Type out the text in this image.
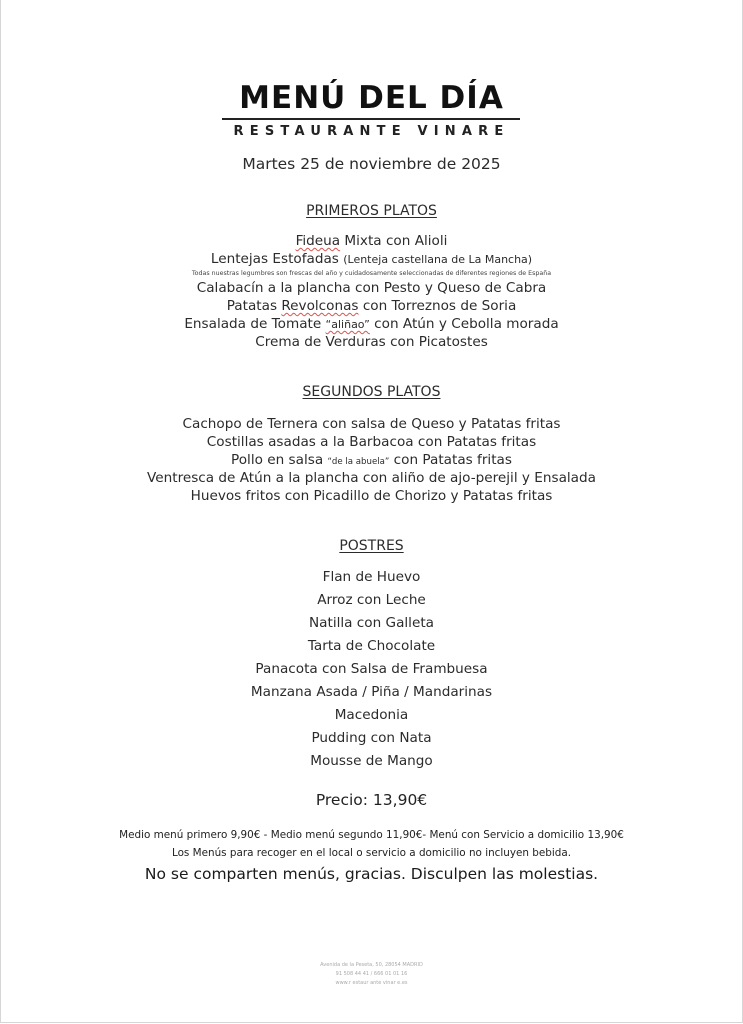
MENÚ DEL DÍA
RESTAURANTE VINARE
Martes 25 de noviembre de 2025
PRIMEROS PLATOS
Fideua Mixta con Alioli
Lentejas Estofadas (Lenteja castellana de La Mancha)
Todas nuestras legumbres son frescas del año y cuidadosamente seleccionadas de diferentes regiones de España
Calabacín a la plancha con Pesto y Queso de Cabra
Patatas Revolconas con Torreznos de Soria
Ensalada de Tomate “aliñao” con Atún y Cebolla morada
Crema de Verduras con Picatostes
SEGUNDOS PLATOS
Cachopo de Ternera con salsa de Queso y Patatas fritas
Costillas asadas a la Barbacoa con Patatas fritas
Pollo en salsa “de la abuela” con Patatas fritas
Ventresca de Atún a la plancha con aliño de ajo-perejil y Ensalada
Huevos fritos con Picadillo de Chorizo y Patatas fritas
POSTRES
Flan de Huevo
Arroz con Leche
Natilla con Galleta
Tarta de Chocolate
Panacota con Salsa de Frambuesa
Manzana Asada / Piña / Mandarinas
Macedonia
Pudding con Nata
Mousse de Mango
Precio: 13,90€
Medio menú primero 9,90€ - Medio menú segundo 11,90€- Menú con Servicio a domicilio 13,90€
Los Menús para recoger en el local o servicio a domicilio no incluyen bebida.
No se comparten menús, gracias. Disculpen las molestias.
Avenida de la Peseta, 50, 28054 MADRID
91 508 44 41 / 666 01 01 16
www.r estaur ante vinar e.es
